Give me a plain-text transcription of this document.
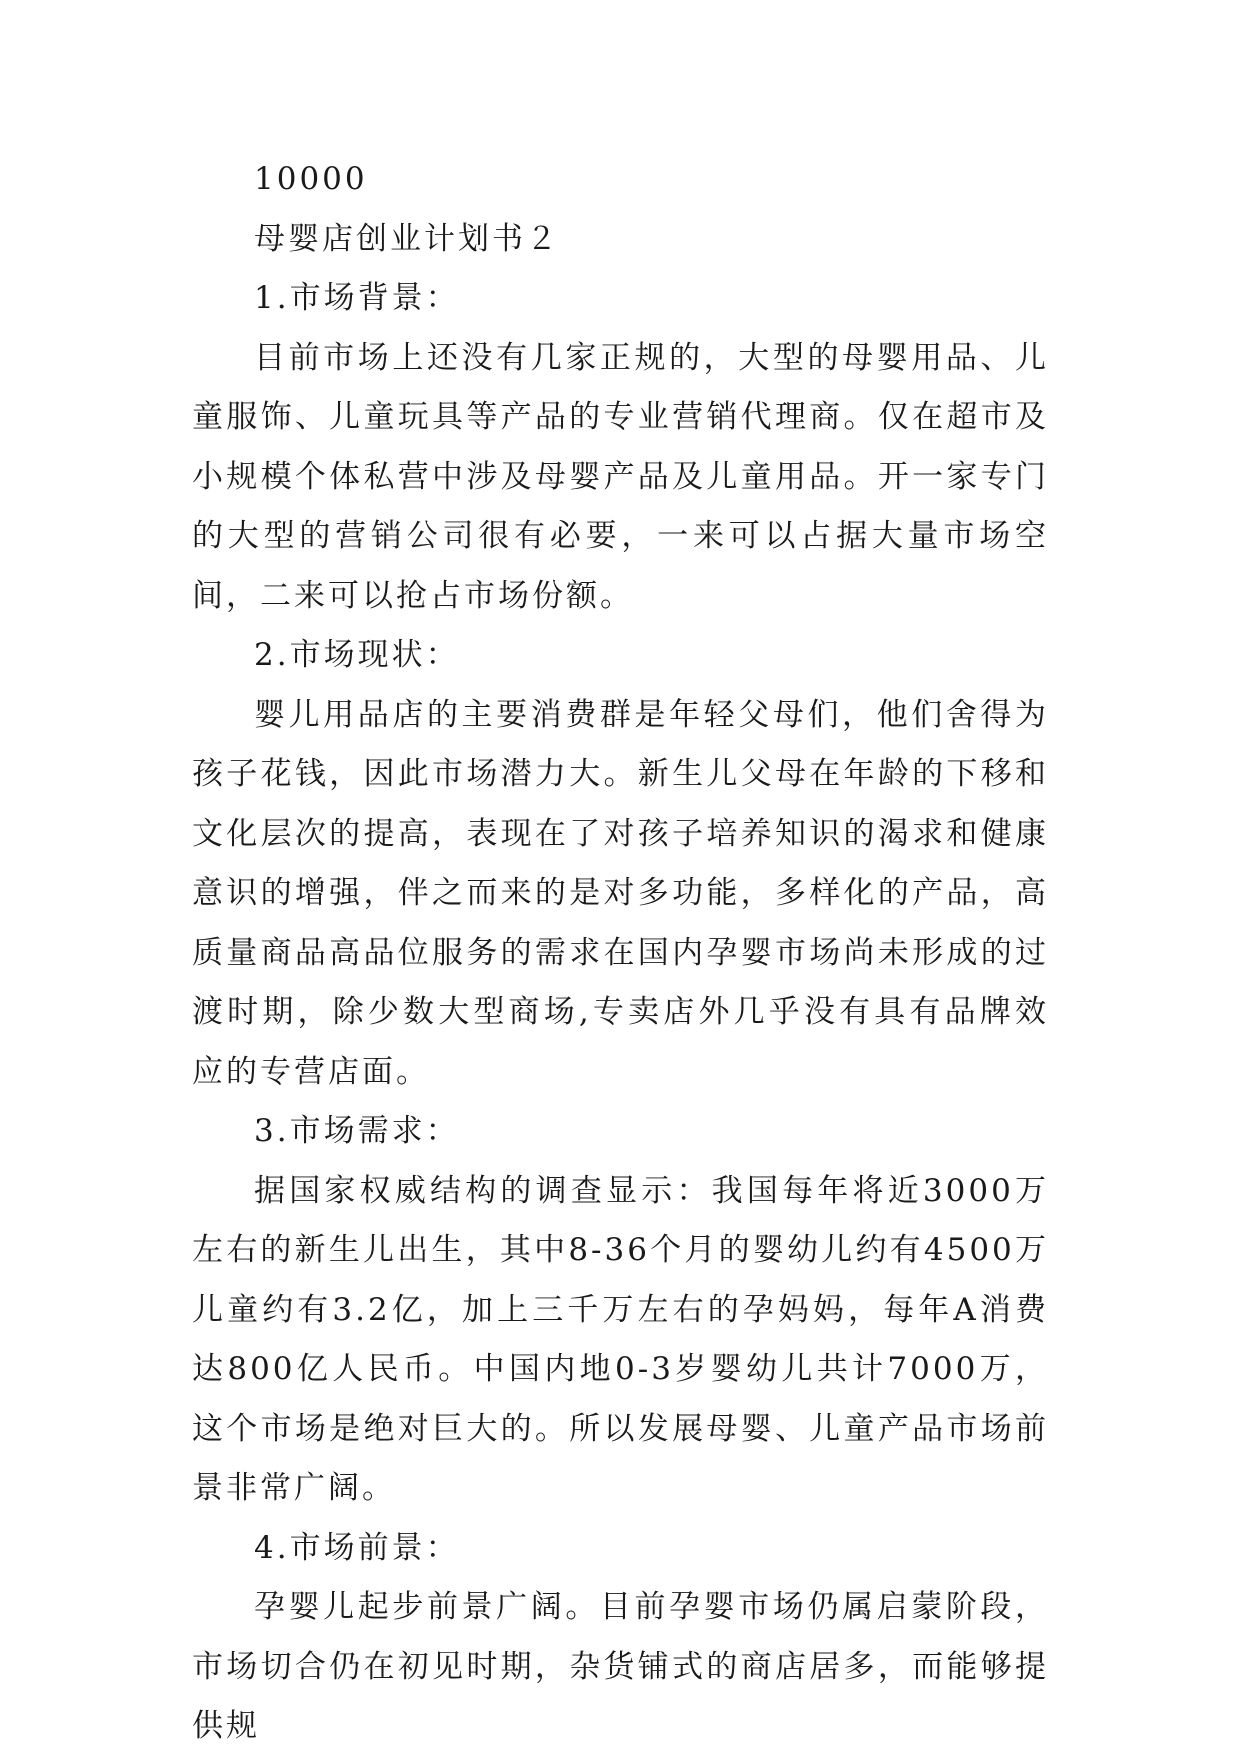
10000
母婴店创业计划书２
1.市场背景：

目前市场上还没有几家正规的，大型的母婴用品、儿童服饰、儿童玩具等产品的专业营销代理商。仅在超市及小规模个体私营中涉及母婴产品及儿童用品。开一家专门的大型的营销公司很有必要，一来可以占据大量市场空间，二来可以抢占市场份额。

2.市场现状：

婴儿用品店的主要消费群是年轻父母们，他们舍得为孩子花钱，因此市场潜力大。新生儿父母在年龄的下移和文化层次的提高，表现在了对孩子培养知识的渴求和健康意识的增强，伴之而来的是对多功能，多样化的产品，高质量商品高品位服务的需求在国内孕婴市场尚未形成的过渡时期，除少数大型商场,专卖店外几乎没有具有品牌效应的专营店面。

3.市场需求：

据国家权威结构的调查显示：我国每年将近3000万左右的新生儿出生，其中8-36个月的婴幼儿约有4500万儿童约有3.2亿，加上三千万左右的孕妈妈，每年A消费达800亿人民币。中国内地0-3岁婴幼儿共计7000万，这个市场是绝对巨大的。所以发展母婴、儿童产品市场前景非常广阔。

4.市场前景：

孕婴儿起步前景广阔。目前孕婴市场仍属启蒙阶段，市场切合仍在初见时期，杂货铺式的商店居多，而能够提供规
